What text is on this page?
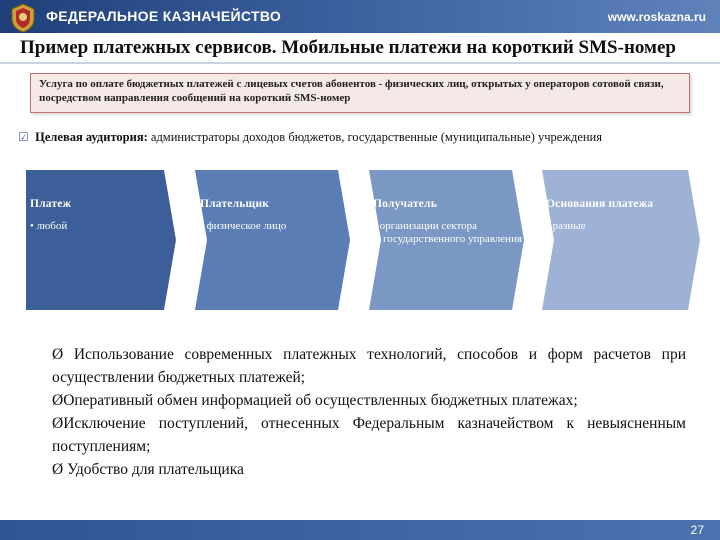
ФЕДЕРАЛЬНОЕ КАЗНАЧЕЙСТВО	www.roskazna.ru
Пример платежных сервисов. Мобильные платежи на короткий SMS-номер
Услуга по оплате бюджетных платежей с лицевых счетов абонентов - физических лиц, открытых у операторов сотовой связи, посредством направления сообщений на короткий SMS-номер
☑ Целевая аудитория: администраторы доходов бюджетов, государственные (муниципальные) учреждения
Платеж
• любой
Плательщик
• физическое лицо
Получатель
• организации сектора государственного управления
Основания платежа
• разные

Ø Использование современных платежных технологий, способов и форм расчетов при осуществлении бюджетных платежей;

ØОперативный обмен информацией об осуществленных бюджетных платежах;

ØИсключение поступлений, отнесенных Федеральным казначейством к невыясненным поступлениям;

Ø Удобство для плательщика

27
